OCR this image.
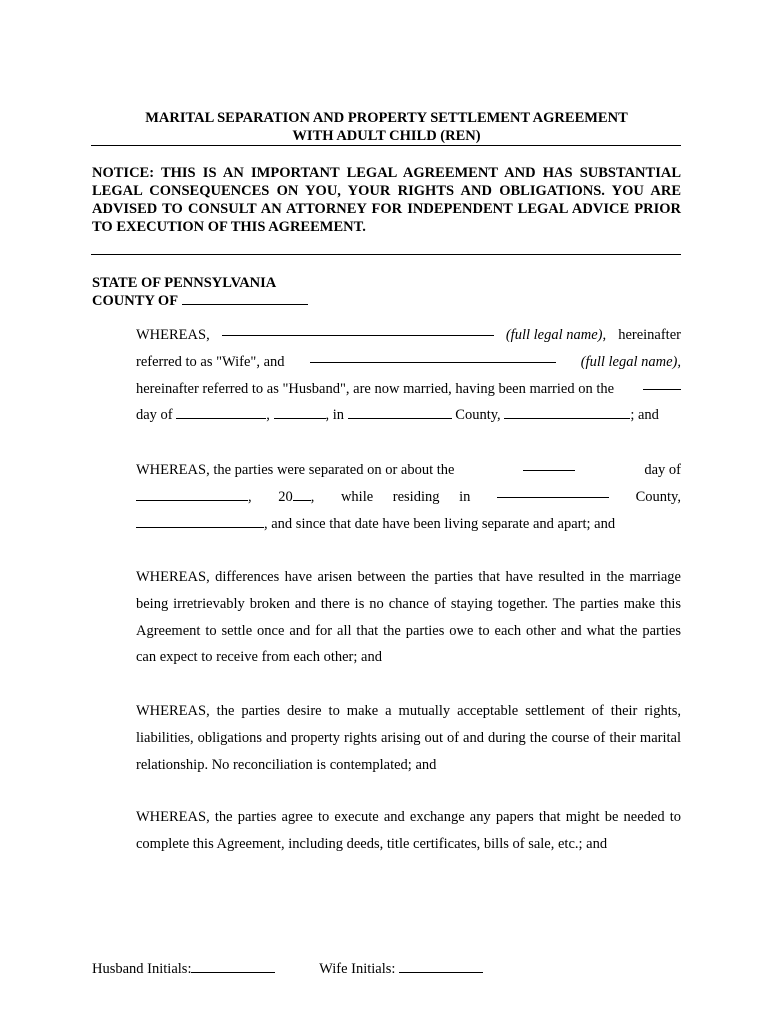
MARITAL SEPARATION AND PROPERTY SETTLEMENT AGREEMENT
WITH ADULT CHILD (REN)

NOTICE: THIS IS AN IMPORTANT LEGAL AGREEMENT AND HAS SUBSTANTIAL LEGAL CONSEQUENCES ON YOU, YOUR RIGHTS AND OBLIGATIONS. YOU ARE ADVISED TO CONSULT AN ATTORNEY FOR INDEPENDENT LEGAL ADVICE PRIOR TO EXECUTION OF THIS AGREEMENT.

STATE OF PENNSYLVANIA
COUNTY OF
WHEREAS,	(full legal name), hereinafter
referred to as "Wife", and	(full legal name),
hereinafter referred to as "Husband", are now married, having been married on the
day of	,	, in	County,	; and
WHEREAS, the parties were separated on or about the	day of
, 20 , while residing in	County,
, and since that date have been living separate and apart; and

WHEREAS, differences have arisen between the parties that have resulted in the marriage being irretrievably broken and there is no chance of staying together. The parties make this Agreement to settle once and for all that the parties owe to each other and what the parties can expect to receive from each other; and

WHEREAS, the parties desire to make a mutually acceptable settlement of their rights, liabilities, obligations and property rights arising out of and during the course of their marital relationship. No reconciliation is contemplated; and

WHEREAS, the parties agree to execute and exchange any papers that might be needed to complete this Agreement, including deeds, title certificates, bills of sale, etc.; and

Husband Initials:	Wife Initials:
